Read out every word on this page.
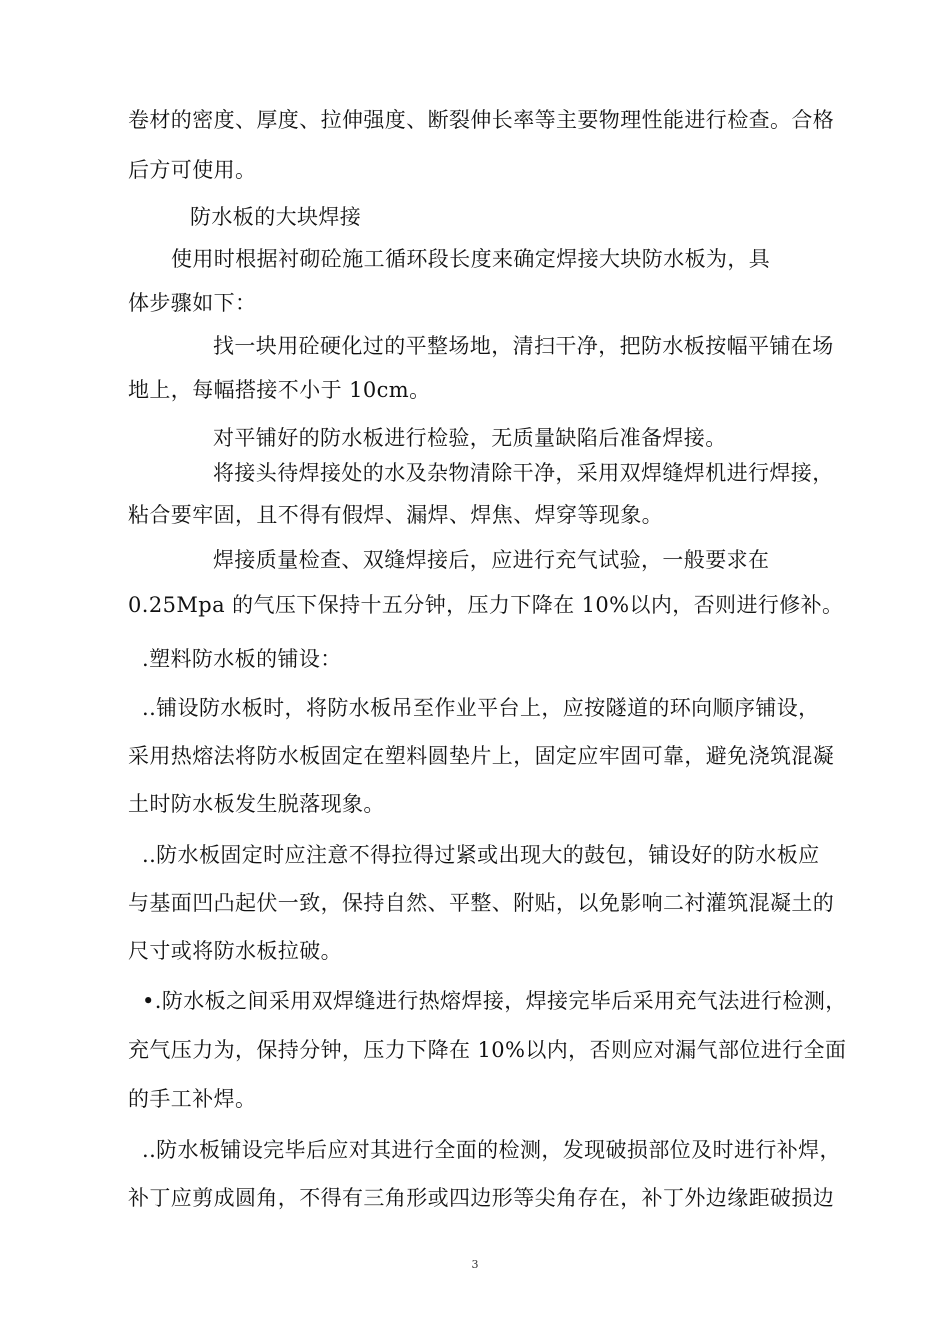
卷材的密度、厚度、拉伸强度、断裂伸长率等主要物理性能进行检查。合格
后方可使用。
防水板的大块焊接
使用时根据衬砌砼施工循环段长度来确定焊接大块防水板为，具
体步骤如下：
找一块用砼硬化过的平整场地，清扫干净，把防水板按幅平铺在场
地上，每幅搭接不小于 10cm。
对平铺好的防水板进行检验，无质量缺陷后准备焊接。
将接头待焊接处的水及杂物清除干净，采用双焊缝焊机进行焊接，
粘合要牢固，且不得有假焊、漏焊、焊焦、焊穿等现象。
焊接质量检查、双缝焊接后，应进行充气试验，一般要求在
0.25Mpa 的气压下保持十五分钟，压力下降在 10%以内，否则进行修补。
.塑料防水板的铺设：
..铺设防水板时，将防水板吊至作业平台上，应按隧道的环向顺序铺设，
采用热熔法将防水板固定在塑料圆垫片上，固定应牢固可靠，避免浇筑混凝
土时防水板发生脱落现象。
..防水板固定时应注意不得拉得过紧或出现大的鼓包，铺设好的防水板应
与基面凹凸起伏一致，保持自然、平整、附贴，以免影响二衬灌筑混凝土的
尺寸或将防水板拉破。
•.防水板之间采用双焊缝进行热熔焊接，焊接完毕后采用充气法进行检测，
充气压力为，保持分钟，压力下降在 10%以内，否则应对漏气部位进行全面
的手工补焊。
..防水板铺设完毕后应对其进行全面的检测，发现破损部位及时进行补焊，
补丁应剪成圆角，不得有三角形或四边形等尖角存在，补丁外边缘距破损边
3
